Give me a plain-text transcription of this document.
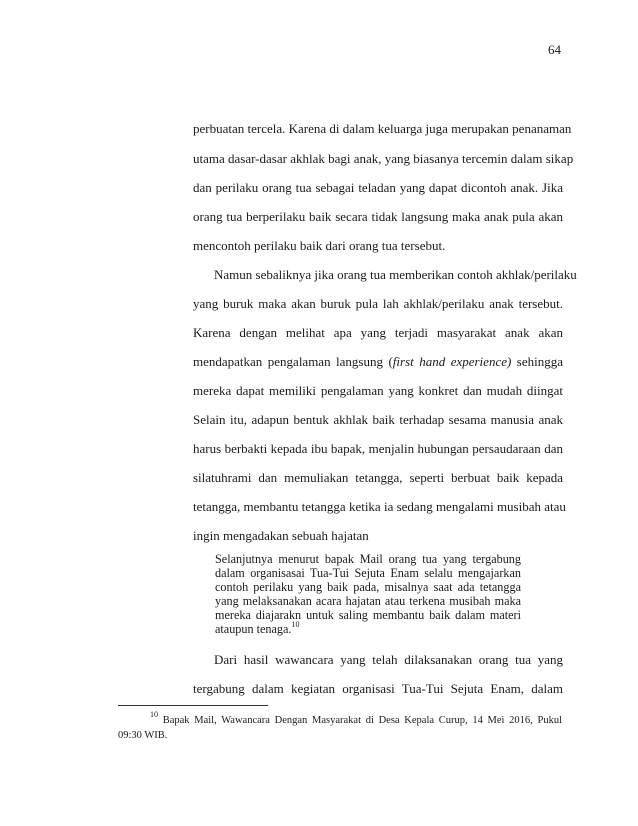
64
perbuatan tercela. Karena di dalam keluarga juga merupakan penanaman
utama dasar-dasar akhlak bagi anak, yang biasanya tercemin dalam sikap
dan perilaku orang tua sebagai teladan yang dapat dicontoh anak. Jika
orang tua berperilaku baik secara tidak langsung maka anak pula akan
mencontoh perilaku baik dari orang tua tersebut.
Namun sebaliknya jika orang tua memberikan contoh akhlak/perilaku
yang buruk maka akan buruk pula lah akhlak/perilaku anak tersebut.
Karena dengan melihat apa yang terjadi masyarakat anak akan
mendapatkan pengalaman langsung (first hand experience) sehingga
mereka dapat memiliki pengalaman yang konkret dan mudah diingat
Selain itu, adapun bentuk akhlak baik terhadap sesama manusia anak
harus berbakti kepada ibu bapak, menjalin hubungan persaudaraan dan
silatuhrami dan memuliakan tetangga, seperti berbuat baik kepada
tetangga, membantu tetangga ketika ia sedang mengalami musibah atau
ingin mengadakan sebuah hajatan
Selanjutnya menurut bapak Mail orang tua yang tergabung
dalam organisasai Tua-Tui Sejuta Enam selalu mengajarkan
contoh perilaku yang baik pada, misalnya saat ada tetangga
yang melaksanakan acara hajatan atau terkena musibah maka
mereka diajarakn untuk saling membantu baik dalam materi
ataupun tenaga.$^{10}$
Dari hasil wawancara yang telah dilaksanakan orang tua yang
tergabung dalam kegiatan organisasi Tua-Tui Sejuta Enam, dalam
$^{10}$ Bapak Mail, Wawancara Dengan Masyarakat di Desa Kepala Curup, 14 Mei 2016, Pukul
09:30 WIB.
